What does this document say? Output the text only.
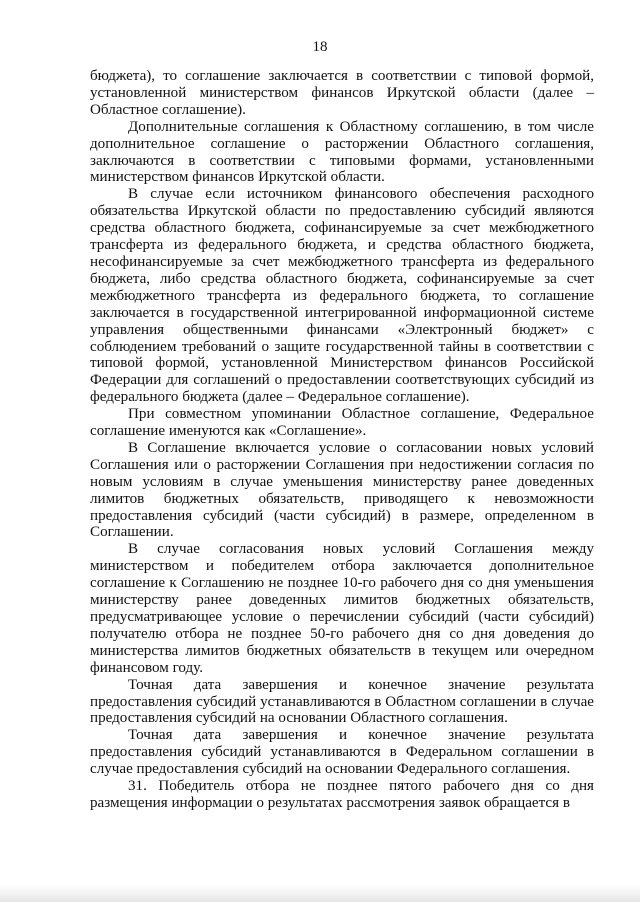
18

бюджета), то соглашение заключается в соответствии с типовой формой, установленной министерством финансов Иркутской области (далее – Областное соглашение).

Дополнительные соглашения к Областному соглашению, в том числе дополнительное соглашение о расторжении Областного соглашения, заключаются в соответствии с типовыми формами, установленными министерством финансов Иркутской области.

В случае если источником финансового обеспечения расходного обязательства Иркутской области по предоставлению субсидий являются средства областного бюджета, софинансируемые за счет межбюджетного трансферта из федерального бюджета, и средства областного бюджета, несофинансируемые за счет межбюджетного трансферта из федерального бюджета, либо средства областного бюджета, софинансируемые за счет межбюджетного трансферта из федерального бюджета, то соглашение заключается в государственной интегрированной информационной системе управления общественными финансами «Электронный бюджет» с соблюдением требований о защите государственной тайны в соответствии с типовой формой, установленной Министерством финансов Российской Федерации для соглашений о предоставлении соответствующих субсидий из федерального бюджета (далее – Федеральное соглашение).

При совместном упоминании Областное соглашение, Федеральное соглашение именуются как «Соглашение».

В Соглашение включается условие о согласовании новых условий Соглашения или о расторжении Соглашения при недостижении согласия по новым условиям в случае уменьшения министерству ранее доведенных лимитов бюджетных обязательств, приводящего к невозможности предоставления субсидий (части субсидий) в размере, определенном в Соглашении.

В случае согласования новых условий Соглашения между министерством и победителем отбора заключается дополнительное соглашение к Соглашению не позднее 10-го рабочего дня со дня уменьшения министерству ранее доведенных лимитов бюджетных обязательств, предусматривающее условие о перечислении субсидий (части субсидий) получателю отбора не позднее 50-го рабочего дня со дня доведения до министерства лимитов бюджетных обязательств в текущем или очередном финансовом году.

Точная дата завершения и конечное значение результата предоставления субсидий устанавливаются в Областном соглашении в случае предоставления субсидий на основании Областного соглашения.

Точная дата завершения и конечное значение результата предоставления субсидий устанавливаются в Федеральном соглашении в случае предоставления субсидий на основании Федерального соглашения.

31. Победитель отбора не позднее пятого рабочего дня со дня размещения информации о результатах рассмотрения заявок обращается в
